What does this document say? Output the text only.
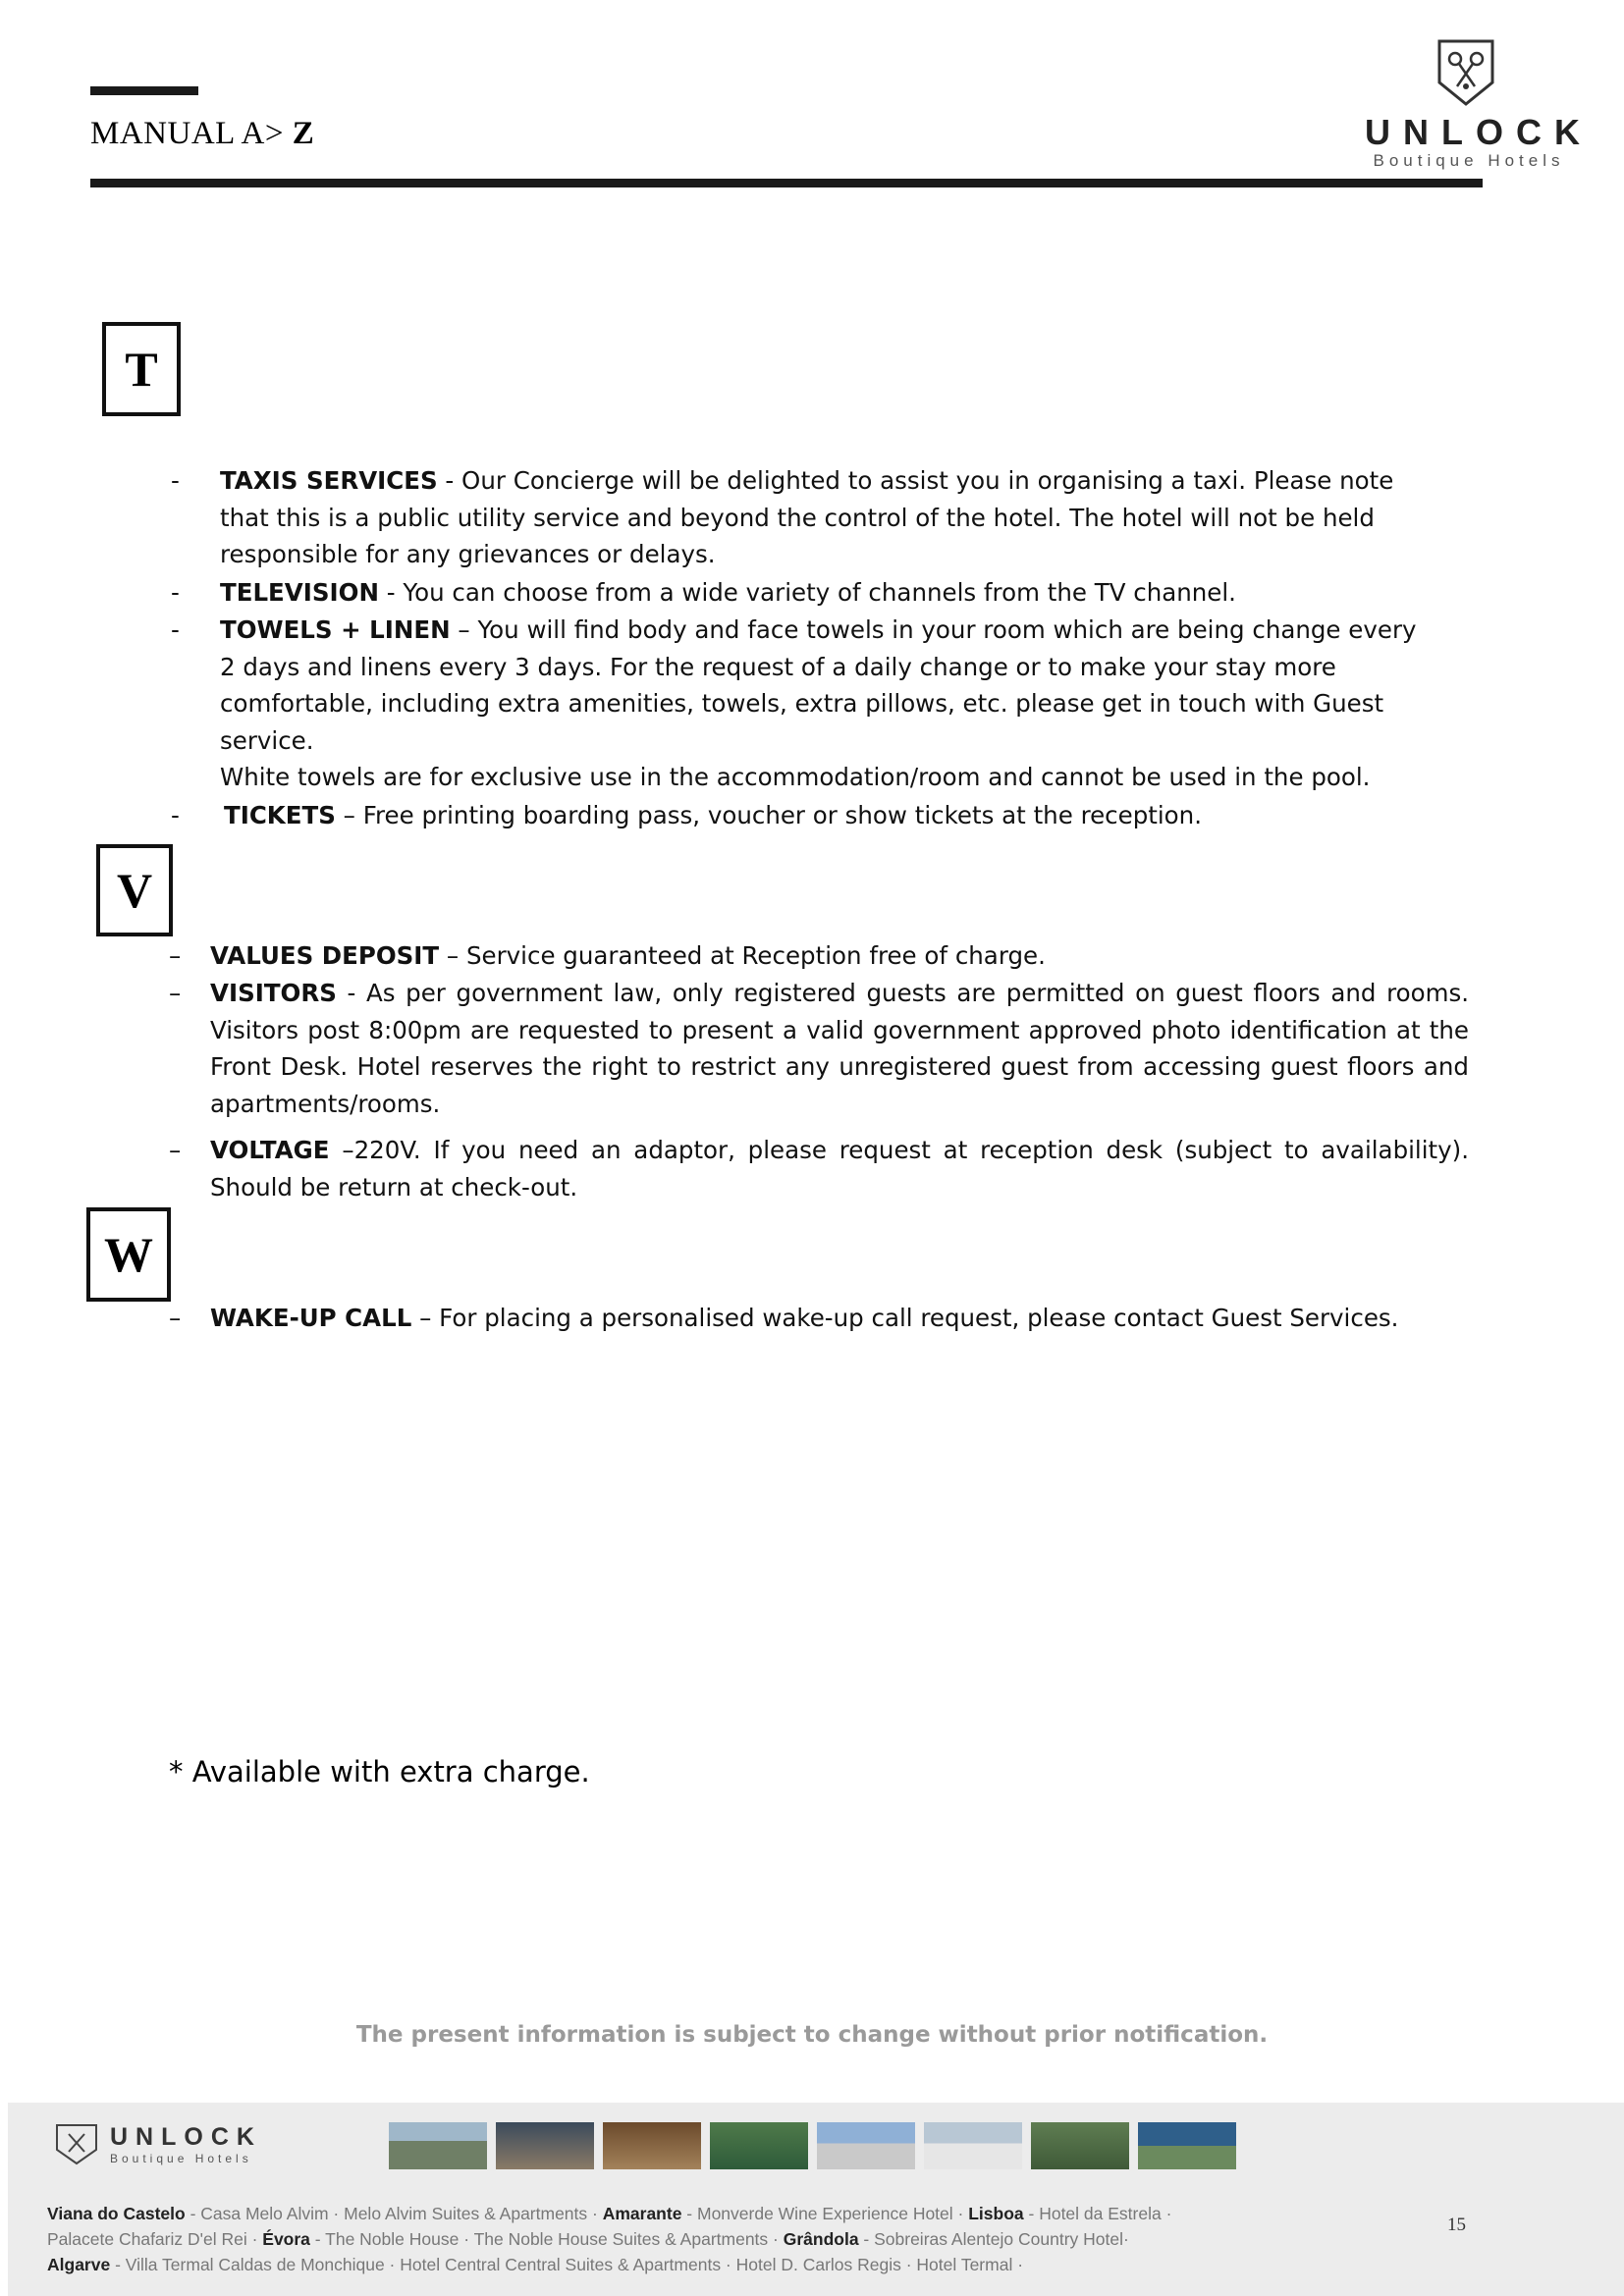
MANUAL A> Z	UNLOCK
Boutique Hotels
T
- TAXIS SERVICES - Our Concierge will be delighted to assist you in organising a taxi. Please note that this is a public utility service and beyond the control of the hotel. The hotel will not be held responsible for any grievances or delays.
- TELEVISION - You can choose from a wide variety of channels from the TV channel.
- TOWELS + LINEN – You will find body and face towels in your room which are being change every 2 days and linens every 3 days. For the request of a daily change or to make your stay more comfortable, including extra amenities, towels, extra pillows, etc. please get in touch with Guest service.
White towels are for exclusive use in the accommodation/room and cannot be used in the pool.
- TICKETS – Free printing boarding pass, voucher or show tickets at the reception.
V
– VALUES DEPOSIT – Service guaranteed at Reception free of charge.
– VISITORS - As per government law, only registered guests are permitted on guest floors and rooms. Visitors post 8:00pm are requested to present a valid government approved photo identification at the Front Desk. Hotel reserves the right to restrict any unregistered guest from accessing guest floors and apartments/rooms.
– VOLTAGE –220V. If you need an adaptor, please request at reception desk (subject to availability). Should be return at check-out.
W
– WAKE-UP CALL – For placing a personalised wake-up call request, please contact Guest Services.
* Available with extra charge.
The present information is subject to change without prior notification.
UNLOCK
Boutique Hotels
Viana do Castelo - Casa Melo Alvim · Melo Alvim Suites & Apartments · Amarante - Monverde Wine Experience Hotel · Lisboa - Hotel da Estrela ·
Palacete Chafariz D'el Rei · Évora - The Noble House · The Noble House Suites & Apartments · Grândola - Sobreiras Alentejo Country Hotel·
Algarve - Villa Termal Caldas de Monchique · Hotel Central Central Suites & Apartments · Hotel D. Carlos Regis · Hotel Termal ·
15
